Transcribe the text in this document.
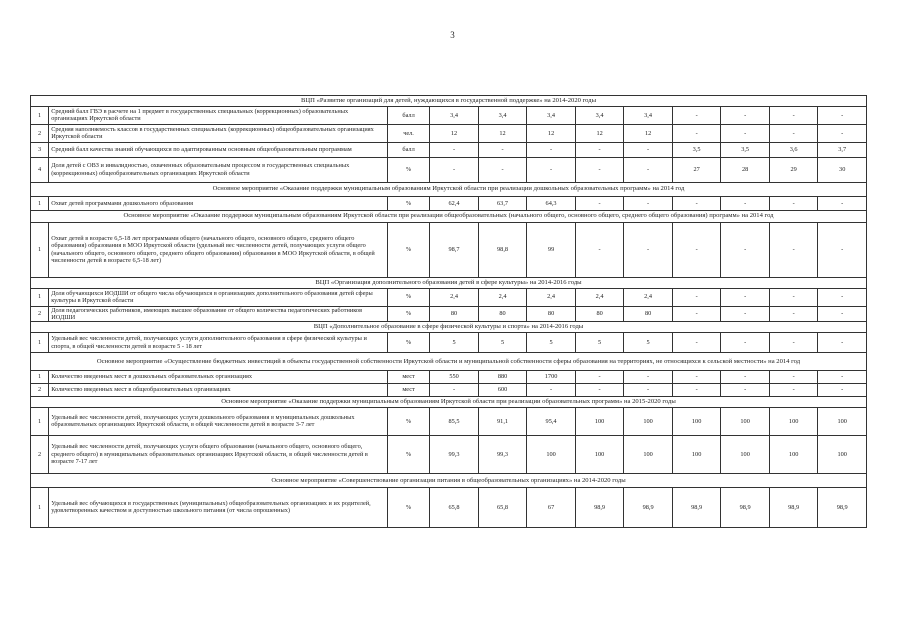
3
ВЦП «Развитие организаций для детей, нуждающихся в государственной поддержке» на 2014-2020 годы											
1	Средний балл ГВЭ в расчете на 1 предмет в государственных специальных (коррекционных) образовательных организациях Иркутской области	балл	3,4	3,4	3,4	3,4	3,4	-	-	-	-
2	Средняя наполняемость классов в государственных специальных (коррекционных) общеобразовательных организациях Иркутской области	чел.	12	12	12	12	12	-	-	-	-
3	Средний балл качества знаний обучающихся по адаптированным основным общеобразовательным программам	балл	-	-	-	-	-	3,5	3,5	3,6	3,7
4	Доля детей с ОВЗ и инвалидностью, охваченных образовательным процессом в государственных специальных (коррекционных) общеобразовательных организациях Иркутской области	%	-	-	-	-	-	27	28	29	30
Основное мероприятие «Оказание поддержки муниципальным образованиям Иркутской области при реализации дошкольных образовательных программ» на 2014 год											
1	Охват детей программами дошкольного образования	%	62,4	63,7	64,3	-	-	-	-	-	-
Основное мероприятие «Оказание поддержки муниципальным образованиям Иркутской области при реализации общеобразовательных (начального общего, основного общего, среднего общего образования) программ» на 2014 год											
1	Охват детей в возрасте 6,5-18 лет программами общего (начального общего, основного общего, среднего общего образования) образования в МОО Иркутской области (удельный вес численности детей, получающих услуги общего (начального общего, основного общего, среднего общего образования) образования в МОО Иркутской области, в общей численности детей в возрасте 6,5-18 лет)	%	98,7	98,8	99	-	-	-	-	-	-
ВЦП «Организация дополнительного образования детей в сфере культуры» на 2014-2016 годы											
1	Доля обучающихся ИОДШИ от общего числа обучающихся в организациях дополнительного образования детей сферы культуры в Иркутской области	%	2,4	2,4	2,4	2,4	2,4	-	-	-	-
2	Доля педагогических работников, имеющих высшее образование от общего количества педагогических работников ИОДШИ	%	80	80	80	80	80	-	-	-	-
ВЦП «Дополнительное образование в сфере физической культуры и спорта» на 2014-2016 годы											
1	Удельный вес численности детей, получающих услуги дополнительного образования в сфере физической культуры и спорта, в общей численности детей в возрасте 5 - 18 лет	%	5	5	5	5	5	-	-	-	-
Основное мероприятие «Осуществление бюджетных инвестиций в объекты государственной собственности Иркутской области и муниципальной собственности сферы образования на территориях, не относящихся к сельской местности» на 2014 год											
1	Количество введенных мест в дошкольных образовательных организациях	мест	550	880	1700	-	-	-	-	-	-
2	Количество введенных мест в общеобразовательных организациях	мест	-	600	-	-	-	-	-	-	-
Основное мероприятие «Оказание поддержки муниципальным образованиям Иркутской области при реализации образовательных программ» на 2015-2020 годы											
1	Удельный вес численности детей, получающих услуги дошкольного образования в муниципальных дошкольных образовательных организациях Иркутской области, в общей численности детей в возрасте 3-7 лет	%	85,5	91,1	95,4	100	100	100	100	100	100
2	Удельный вес численности детей, получающих услуги общего образования (начального общего, основного общего, среднего общего) в муниципальных образовательных организациях Иркутской области, в общей численности детей в возрасте 7-17 лет	%	99,3	99,3	100	100	100	100	100	100	100
Основное мероприятие «Совершенствование организации питания в общеобразовательных организациях» на 2014-2020 годы											
1	Удельный вес обучающихся в государственных (муниципальных) общеобразовательных организациях и их родителей, удовлетворенных качеством и доступностью школьного питания (от числа опрошенных)	%	65,8	65,8	67	98,9	98,9	98,9	98,9	98,9	98,9
